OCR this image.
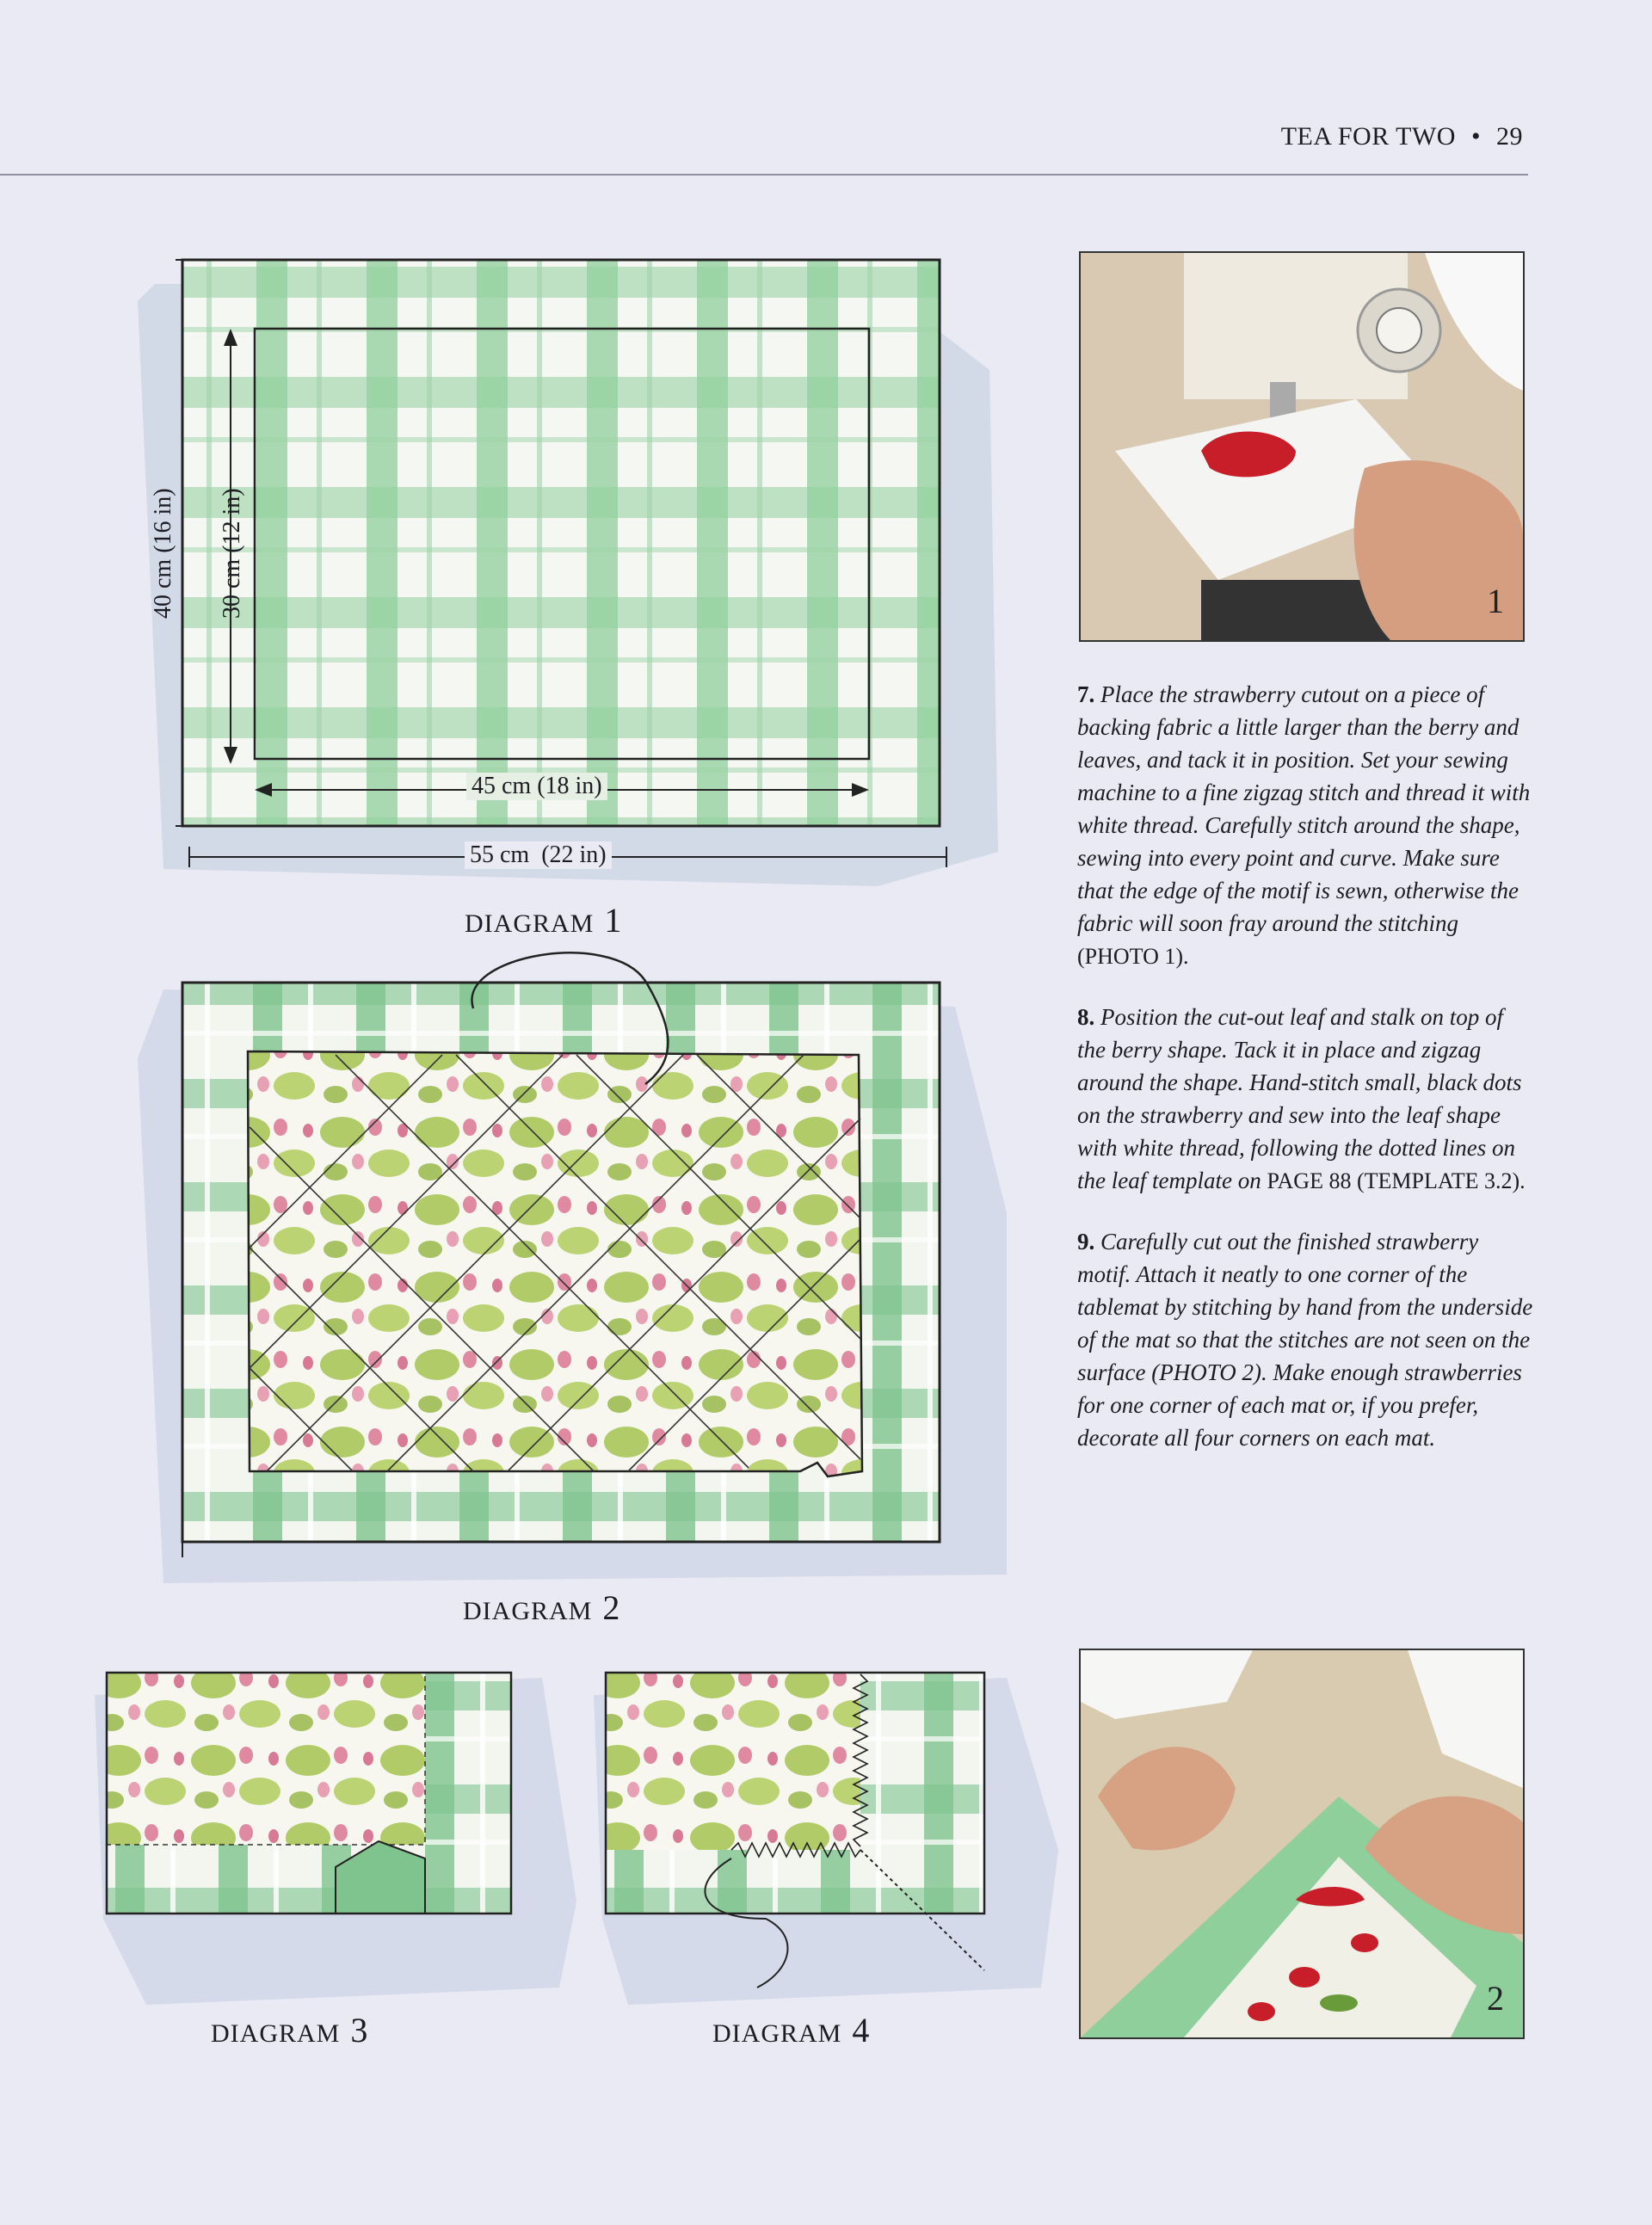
TEA FOR TWO • 29
40 cm (16 in) 30 cm (12 in)
45 cm (18 in)
55 cm  (22 in)
DIAGRAM 1
DIAGRAM 2
DIAGRAM 3	DIAGRAM 4
1
2

7. Place the strawberry cutout on a piece of backing fabric a little larger than the berry and leaves, and tack it in position. Set your sewing machine to a fine zigzag stitch and thread it with white thread. Carefully stitch around the shape, sewing into every point and curve. Make sure that the edge of the motif is sewn, otherwise the fabric will soon fray around the stitching (PHOTO 1).

8. Position the cut-out leaf and stalk on top of the berry shape. Tack it in place and zigzag around the shape. Hand-stitch small, black dots on the strawberry and sew into the leaf shape with white thread, following the dotted lines on the leaf template on PAGE 88 (TEMPLATE 3.2).

9. Carefully cut out the finished strawberry motif. Attach it neatly to one corner of the tablemat by stitching by hand from the underside of the mat so that the stitches are not seen on the surface (PHOTO 2). Make enough strawberries for one corner of each mat or, if you prefer, decorate all four corners on each mat.
